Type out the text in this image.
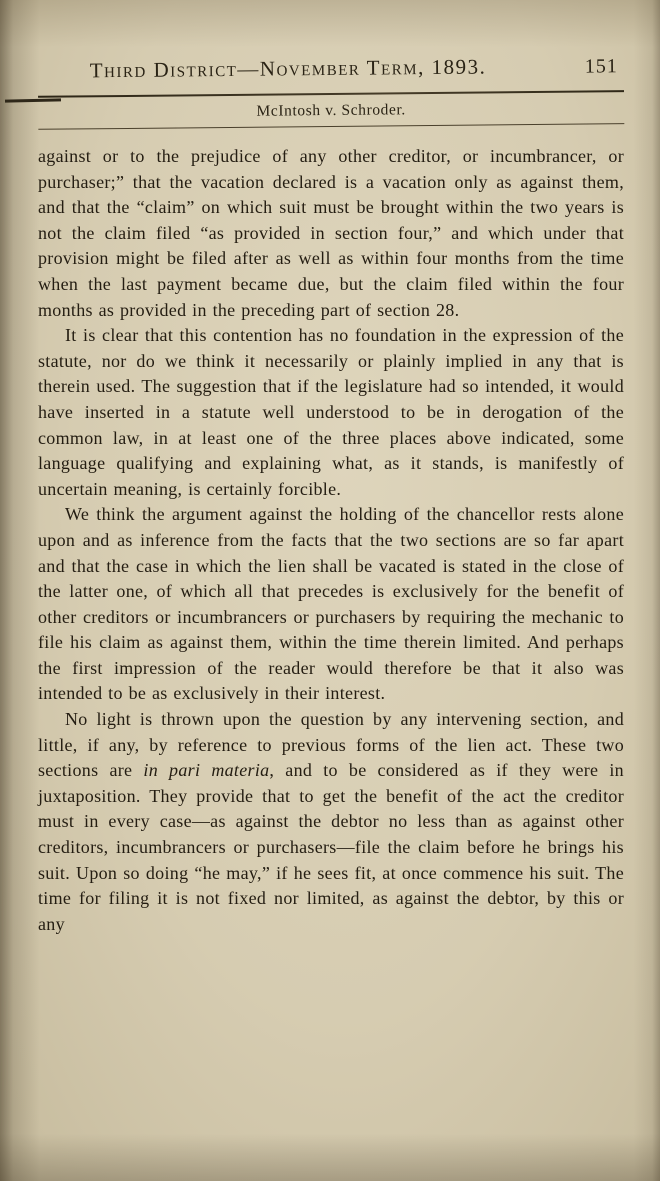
Third District—November Term, 1893.	151
McIntosh v. Schroder.

against or to the prejudice of any other creditor, or incumbrancer, or purchaser;” that the vacation declared is a vacation only as against them, and that the “claim” on which suit must be brought within the two years is not the claim filed “as provided in section four,” and which under that provision might be filed after as well as within four months from the time when the last payment became due, but the claim filed within the four months as provided in the preceding part of section 28.

It is clear that this contention has no foundation in the expression of the statute, nor do we think it necessarily or plainly implied in any that is therein used. The suggestion that if the legislature had so intended, it would have inserted in a statute well understood to be in derogation of the common law, in at least one of the three places above indicated, some language qualifying and explaining what, as it stands, is manifestly of uncertain meaning, is certainly forcible.

We think the argument against the holding of the chancellor rests alone upon and as inference from the facts that the two sections are so far apart and that the case in which the lien shall be vacated is stated in the close of the latter one, of which all that precedes is exclusively for the benefit of other creditors or incumbrancers or purchasers by requiring the mechanic to file his claim as against them, within the time therein limited. And perhaps the first impression of the reader would therefore be that it also was intended to be as exclusively in their interest.

No light is thrown upon the question by any intervening section, and little, if any, by reference to previous forms of the lien act. These two sections are in pari materia, and to be considered as if they were in juxtaposition. They provide that to get the benefit of the act the creditor must in every case—as against the debtor no less than as against other creditors, incumbrancers or purchasers—file the claim before he brings his suit. Upon so doing “he may,” if he sees fit, at once commence his suit. The time for filing it is not fixed nor limited, as against the debtor, by this or any
